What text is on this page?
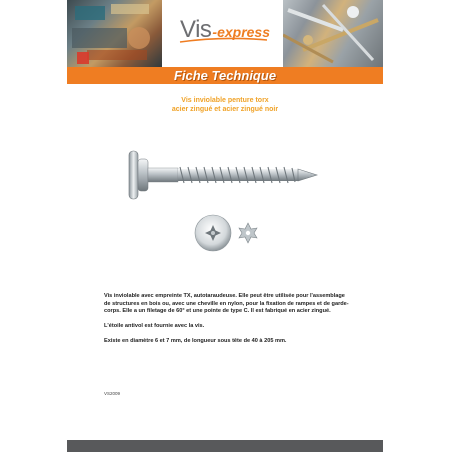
Vis-express
Fiche Technique
Vis inviolable penture torx
acier zingué et acier zingué noir

Vis inviolable avec empreinte TX, autotaraudeuse. Elle peut être utilisée pour l'assemblage de structures en bois ou, avec une cheville en nylon, pour la fixation de rampes et de garde-corps. Elle a un filetage de 60° et une pointe de type C. Il est fabriqué en acier zingué.

L'étoile antivol est fournie avec la vis.

Existe en diamètre 6 et 7 mm, de longueur sous tête de 40 à 205 mm.

VS2009
